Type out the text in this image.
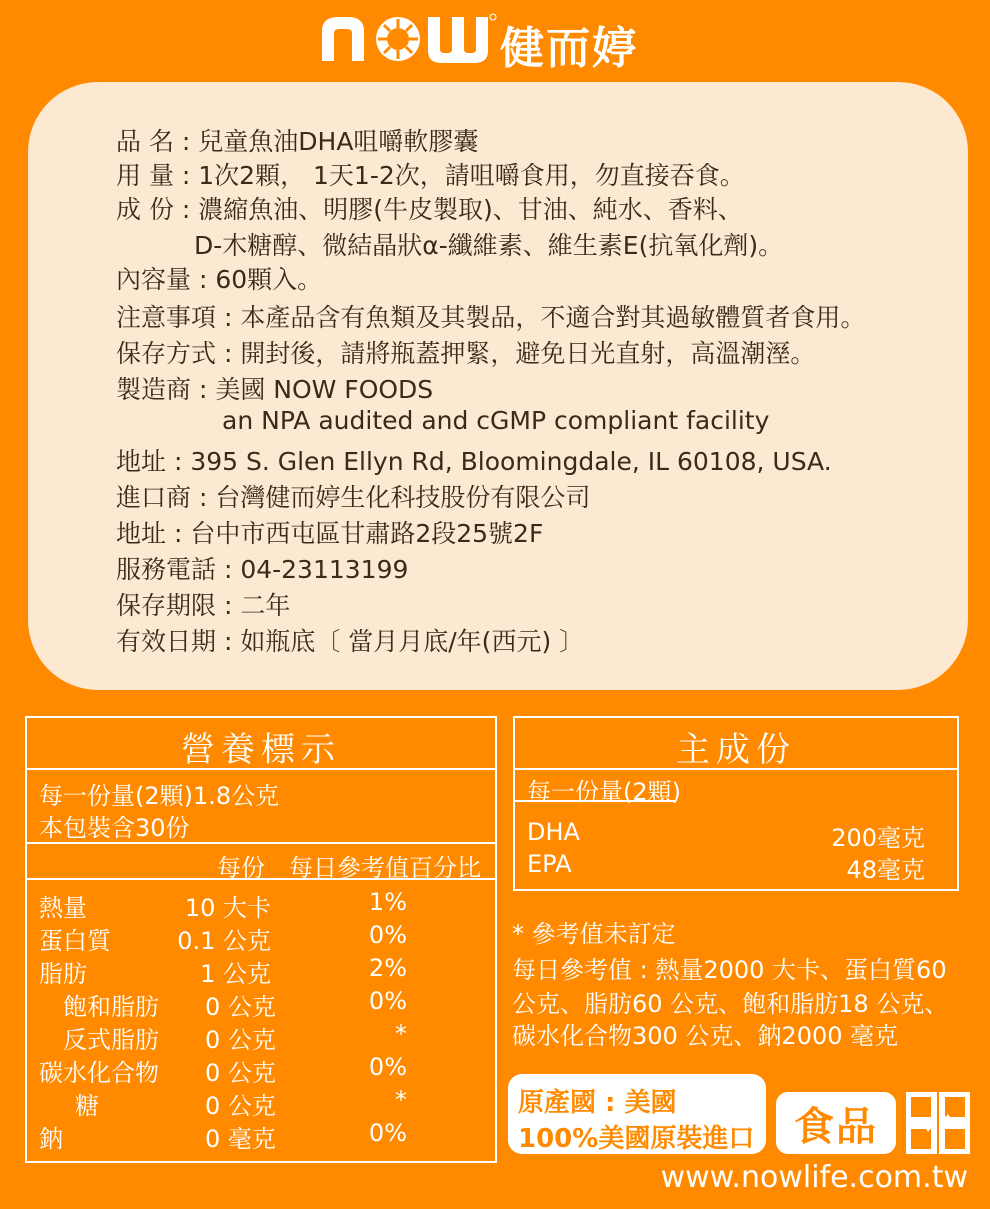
健而婷
品 名 : 兒童魚油DHA咀嚼軟膠囊
用 量 : 1次2顆， 1天1-2次，請咀嚼食用，勿直接吞食。
成 份 : 濃縮魚油、明膠(牛皮製取)、甘油、純水、香料、
D-木糖醇、微結晶狀α-纖維素、維生素E(抗氧化劑)。
內容量 : 60顆入。
注意事項 : 本產品含有魚類及其製品，不適合對其過敏體質者食用。
保存方式 : 開封後，請將瓶蓋押緊，避免日光直射，高溫潮溼。
製造商 : 美國 NOW FOODS
an NPA audited and cGMP compliant facility
地址 : 395 S. Glen Ellyn Rd, Bloomingdale, IL 60108, USA.
進口商 : 台灣健而婷生化科技股份有限公司
地址 : 台中市西屯區甘肅路2段25號2F
服務電話 : 04-23113199
保存期限 : 二年
有效日期 : 如瓶底〔 當月月底/年(西元) 〕
營養標示
每一份量(2顆)1.8公克
本包裝含30份
每份 每日參考值百分比
熱量	10 大卡	1%
蛋白質	0.1 公克	0%
脂肪	1 公克	2%
飽和脂肪 0 公克	0%
反式脂肪 0 公克	*
碳水化合物 0 公克	0%
糖	0 公克	*
鈉	0 毫克	0%
主成份
每一份量(2顆)
DHA	200毫克
EPA	48毫克
* 參考值未訂定
每日參考值 : 熱量2000 大卡、蛋白質60
公克、脂肪60 公克、飽和脂肪18 公克、
碳水化合物300 公克、鈉2000 毫克
原產國 : 美國
100%美國原裝進口 食品
www.nowlife.com.tw
